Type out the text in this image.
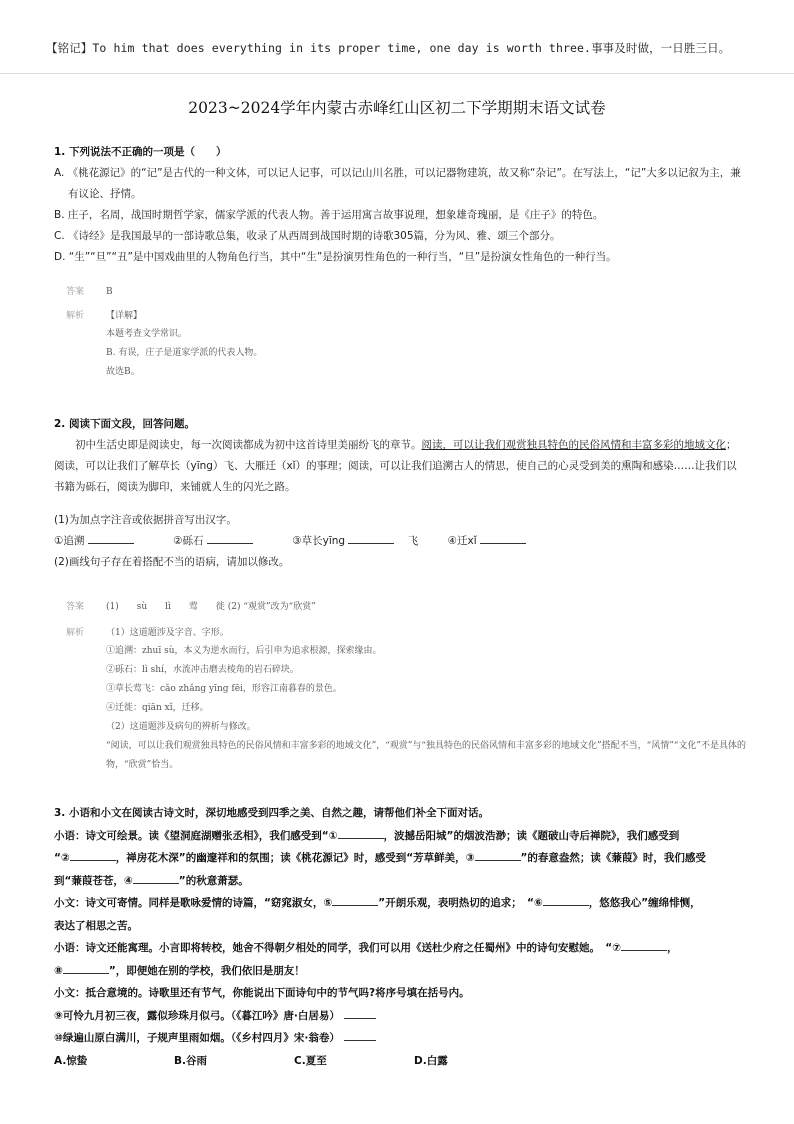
【铭记】To him that does everything in its proper time, one day is worth three.事事及时做，一日胜三日。
2023~2024学年内蒙古赤峰红山区初二下学期期末语文试卷
1. 下列说法不正确的一项是（　　）
A. 《桃花源记》的“记”是古代的一种文体，可以记人记事，可以记山川名胜，可以记器物建筑，故又称“杂记”。在写法上，“记”大多以记叙为主，兼有议论、抒情。
B. 庄子，名周，战国时期哲学家，儒家学派的代表人物。善于运用寓言故事说理，想象雄奇瑰丽，是《庄子》的特色。
C. 《诗经》是我国最早的一部诗歌总集，收录了从西周到战国时期的诗歌305篇，分为风、雅、颂三个部分。
D. “生”“旦”“丑”是中国戏曲里的人物角色行当，其中“生”是扮演男性角色的一种行当，“旦”是扮演女性角色的一种行当。
答案 B
解析 【详解】
本题考查文学常识。
B. 有误，庄子是道家学派的代表人物。
故选B。
2. 阅读下面文段，回答问题。
初中生活史即是阅读史，每一次阅读都成为初中这首诗里美丽纷飞的章节。阅读，可以让我们观赏独具特色的民俗风情和丰富多彩的地域文化；阅读，可以让我们了解草长（yīng）飞、大雁迁（xǐ）的事理；阅读，可以让我们追溯古人的情思，使自己的心灵受到美的熏陶和感染……让我们以书籍为砾石，阅读为脚印，来铺就人生的闪光之路。
(1)为加点字注音或依据拼音写出汉字。
①追溯	②砾石	③草长yīng	飞	④迁xǐ
(2)画线句子存在着搭配不当的语病，请加以修改。
答案 (1)　　sù　　lì　　莺　　徙 (2) “观赏”改为“欣赏”
解析 （1）这道题涉及字音、字形。
①追溯：zhuī sù，本义为逆水而行，后引申为追求根源，探索缘由。
②砾石：lì shí，水流冲击磨去棱角的岩石碎块。
③草长莺飞：cǎo zhǎng yīng fēi，形容江南暮春的景色。
④迁徙：qiān xǐ，迁移。
（2）这道题涉及病句的辨析与修改。
“阅读，可以让我们观赏独具特色的民俗风情和丰富多彩的地域文化”，“观赏”与“独具特色的民俗风情和丰富多彩的地域文化”搭配不当，“风情”“文化”不是具体的物，“欣赏”恰当。
3. 小语和小文在阅读古诗文时，深切地感受到四季之美、自然之趣，请帮他们补全下面对话。
小语：诗文可绘景。读《望洞庭湖赠张丞相》，我们感受到“①	，波撼岳阳城”的烟波浩渺；读《题破山寺后禅院》，我们感受到
“②	，禅房花木深”的幽邃祥和的氛围；读《桃花源记》时，感受到“芳草鲜美，③	”的春意盎然；读《蒹葭》时，我们感受
到“蒹葭苍苍，④	”的秋意萧瑟。
小文：诗文可寄情。同样是歌咏爱情的诗篇，“窈窕淑女，⑤	”开朗乐观，表明热切的追求；　“⑥	，悠悠我心”缠绵悱恻，
表达了相思之苦。
小语：诗文还能寓理。小言即将转校，她舍不得朝夕相处的同学，我们可以用《送杜少府之任蜀州》中的诗句安慰她。　“⑦	，
⑧	”，即便她在别的学校，我们依旧是朋友！
小文：抵合意境的。诗歌里还有节气，你能说出下面诗句中的节气吗?将序号填在括号内。
⑨可怜九月初三夜，露似珍珠月似弓。（《暮江吟》唐·白居易）
⑩绿遍山原白满川，子规声里雨如烟。（《乡村四月》宋·翁卷）
A.惊蛰	B.谷雨	C.夏至	D.白露
